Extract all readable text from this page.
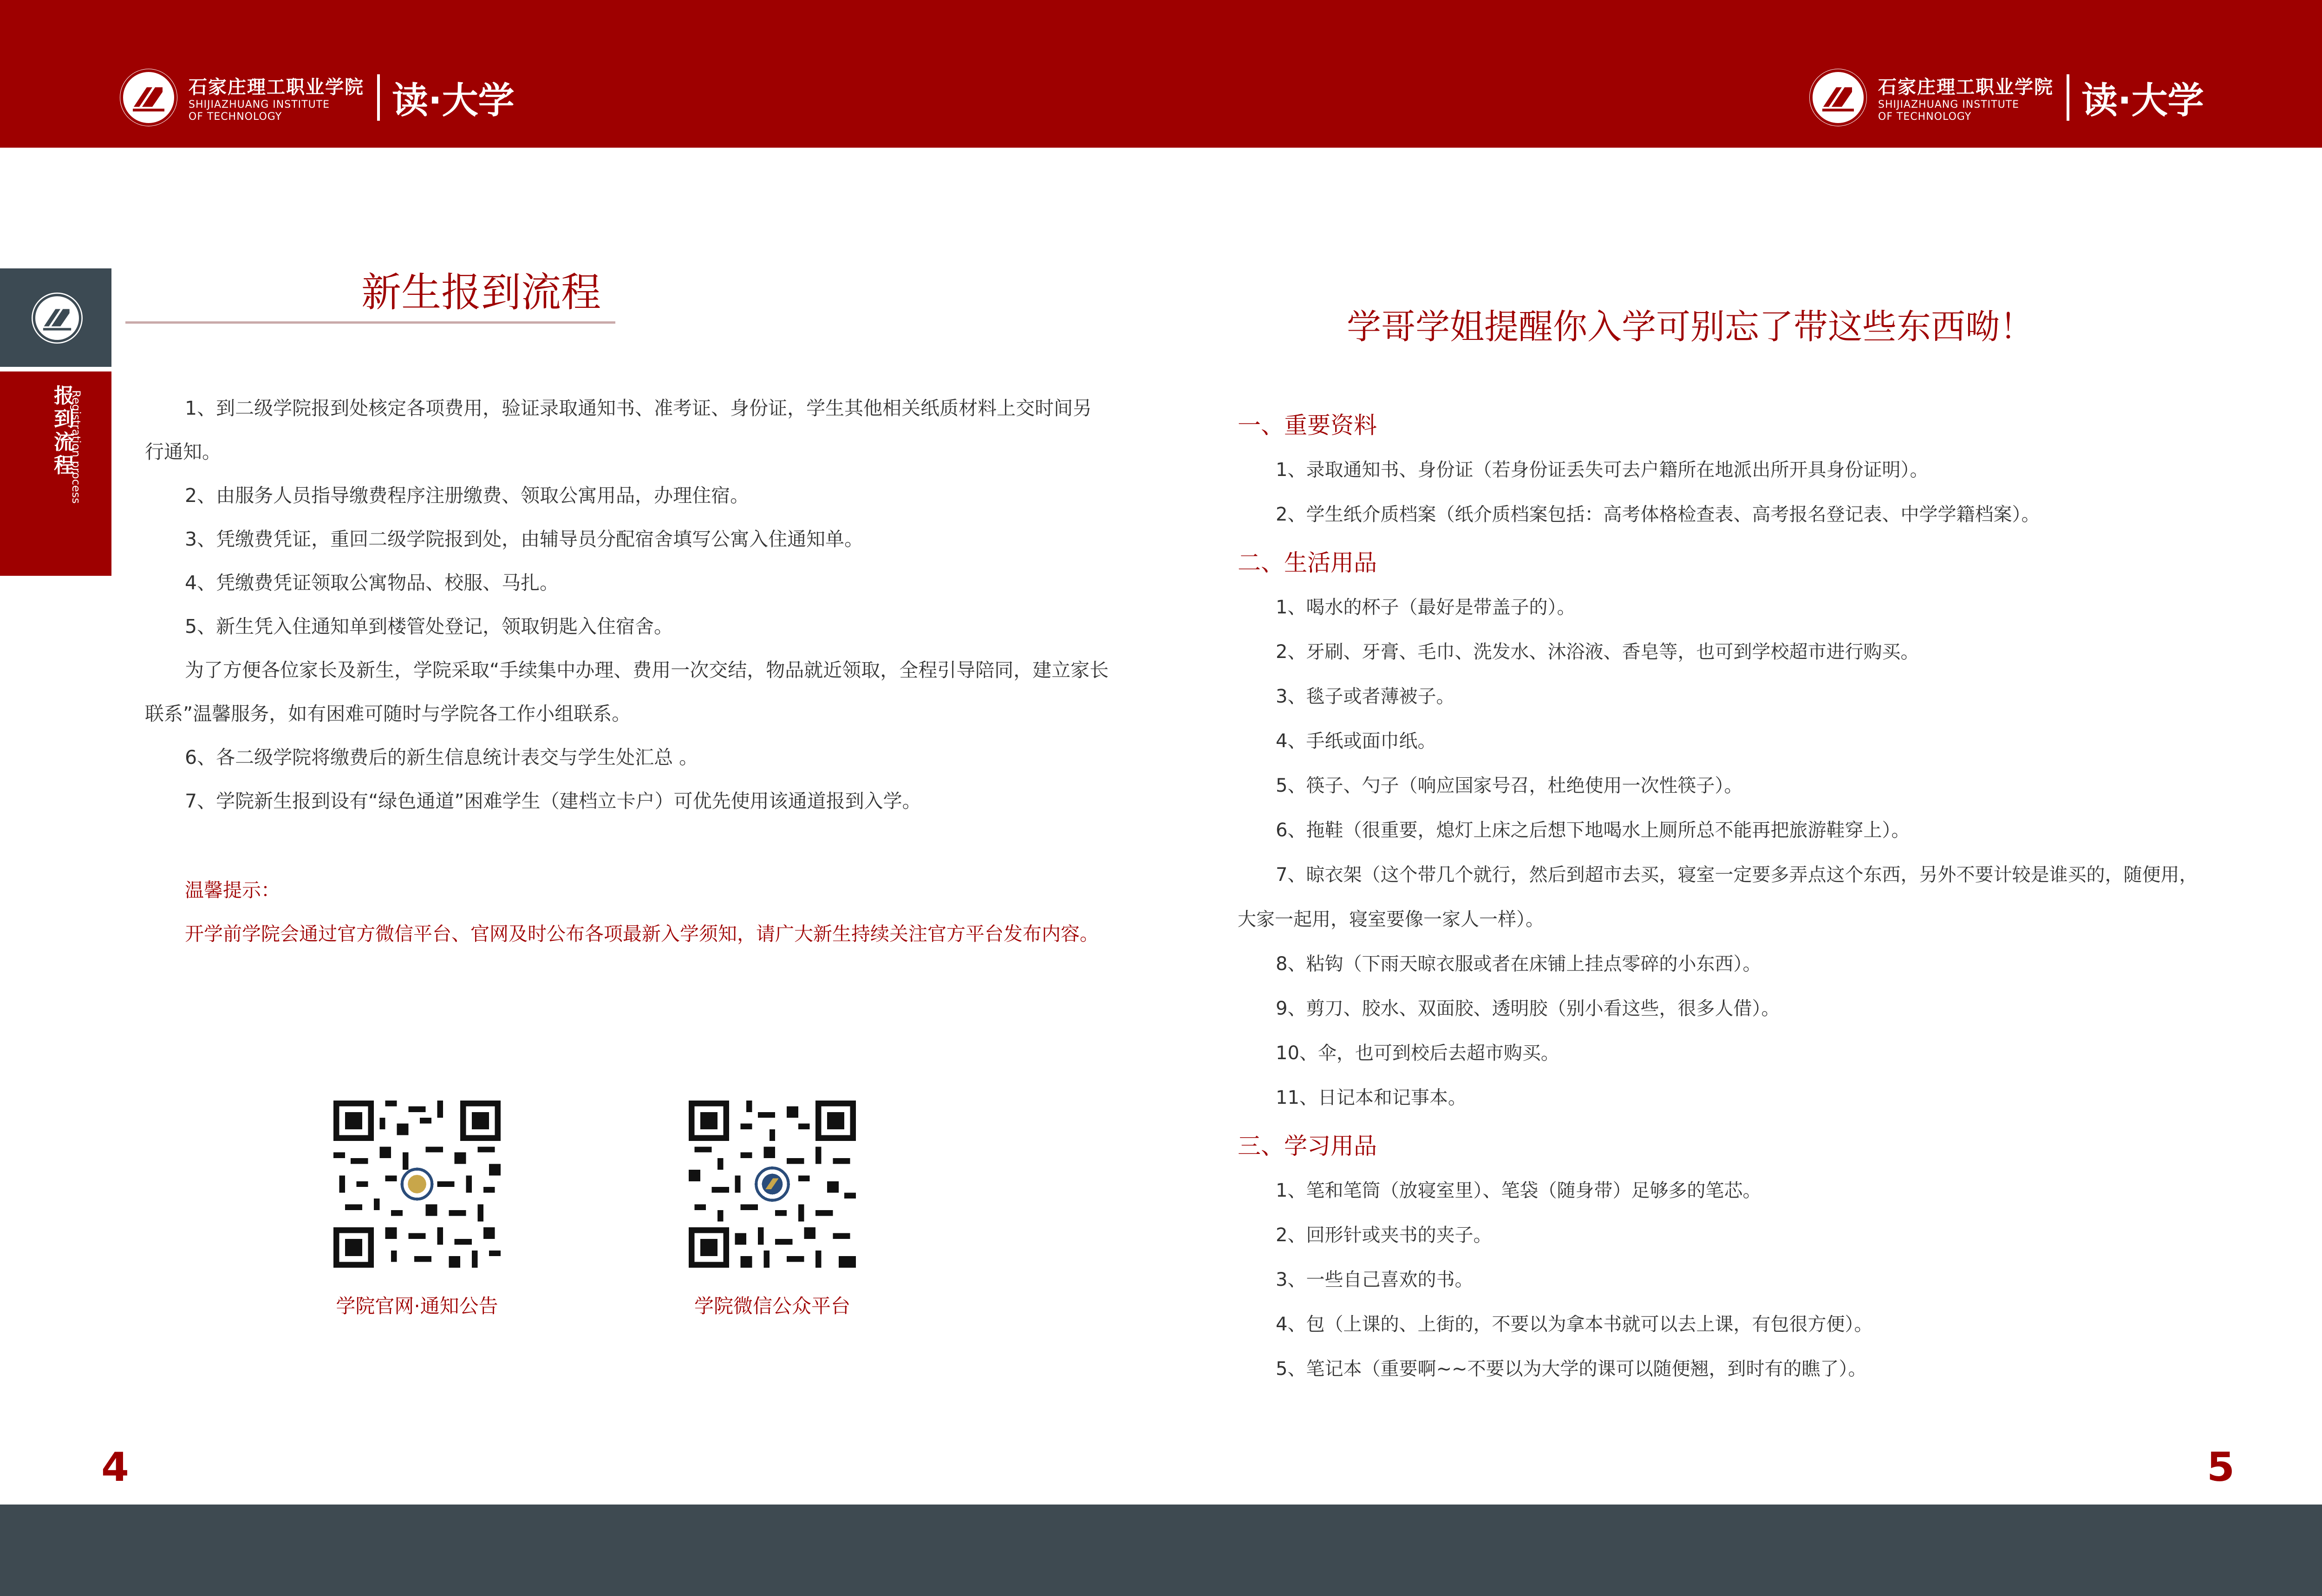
石家庄理工职业学院
SHIJIAZHUANG INSTITUTE
OF TECHNOLOGY	读·大学	石家庄理工职业学院
SHIJIAZHUANG INSTITUTE
OF TECHNOLOGY	读·大学
报
到
流
程
Registration process
新生报到流程

1、到二级学院报到处核定各项费用，验证录取通知书、准考证、身份证，学生其他相关纸质材料上交时间另行通知。

2、由服务人员指导缴费程序注册缴费、领取公寓用品，办理住宿。

3、凭缴费凭证，重回二级学院报到处，由辅导员分配宿舍填写公寓入住通知单。

4、凭缴费凭证领取公寓物品、校服、马扎。

5、新生凭入住通知单到楼管处登记，领取钥匙入住宿舍。

为了方便各位家长及新生，学院采取“手续集中办理、费用一次交结，物品就近领取，全程引导陪同，建立家长联系”温馨服务，如有困难可随时与学院各工作小组联系。

6、各二级学院将缴费后的新生信息统计表交与学生处汇总 。

7、学院新生报到设有“绿色通道”困难学生（建档立卡户）可优先使用该通道报到入学。

温馨提示：

开学前学院会通过官方微信平台、官网及时公布各项最新入学须知，请广大新生持续关注官方平台发布内容。

学院官网·通知公告	学院微信公众平台
学哥学姐提醒你入学可别忘了带这些东西呦！
一、重要资料
1、录取通知书、身份证（若身份证丢失可去户籍所在地派出所开具身份证明）。
2、学生纸介质档案（纸介质档案包括：高考体格检查表、高考报名登记表、中学学籍档案）。
二、生活用品
1、喝水的杯子（最好是带盖子的）。
2、牙刷、牙膏、毛巾、洗发水、沐浴液、香皂等，也可到学校超市进行购买。
3、毯子或者薄被子。
4、手纸或面巾纸。
5、筷子、勺子（响应国家号召，杜绝使用一次性筷子）。
6、拖鞋（很重要，熄灯上床之后想下地喝水上厕所总不能再把旅游鞋穿上）。
7、晾衣架（这个带几个就行，然后到超市去买，寝室一定要多弄点这个东西，另外不要计较是谁买的，随便用，大家一起用，寝室要像一家人一样）。
8、粘钩（下雨天晾衣服或者在床铺上挂点零碎的小东西）。
9、剪刀、胶水、双面胶、透明胶（别小看这些，很多人借）。
10、伞，也可到校后去超市购买。
11、日记本和记事本。
三、学习用品
1、笔和笔筒（放寝室里）、笔袋（随身带）足够多的笔芯。
2、回形针或夹书的夹子。
3、一些自己喜欢的书。
4、包（上课的、上街的，不要以为拿本书就可以去上课，有包很方便）。
5、笔记本（重要啊~~不要以为大学的课可以随便翘，到时有的瞧了）。
4	5
